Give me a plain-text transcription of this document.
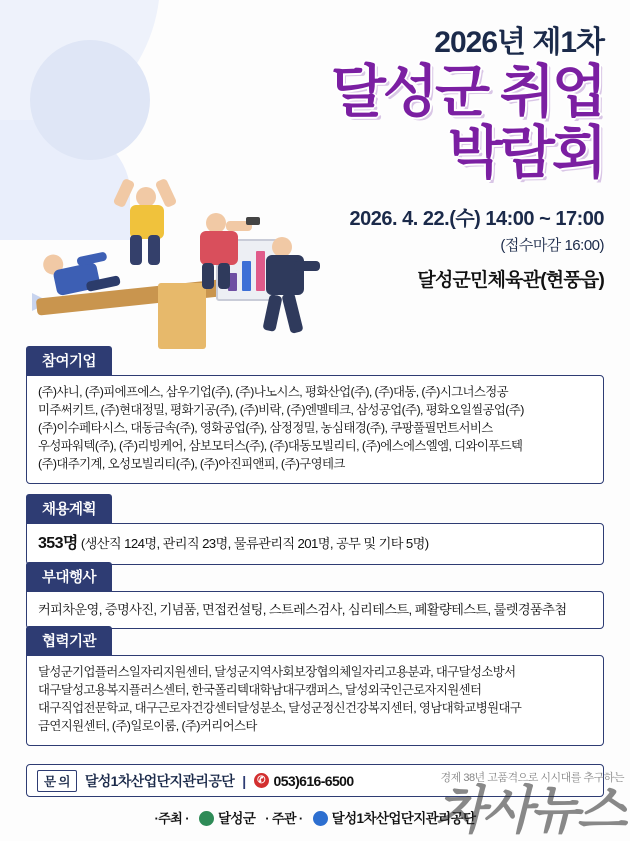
2026년 제1차
달성군 취업
박람회
2026. 4. 22.(수) 14:00 ~ 17:00
(접수마감 16:00)
달성군민체육관(현풍읍)
참여기업

(주)샤니, (주)피에프에스, 삼우기업(주), (주)나노시스, 평화산업(주), (주)대동, (주)시그너스정공

미주써키트, (주)현대정밀, 평화기공(주), (주)비락, (주)엔멜테크, 삼성공업(주), 평화오일씰공업(주)

(주)이수페타시스, 대동금속(주), 영화공업(주), 삼정정밀, 농심태경(주), 쿠팡풀필먼트서비스

우성파워텍(주), (주)리빙케어, 삼보모터스(주), (주)대동모빌리티, (주)에스에스엘엠, 디와이푸드텍

(주)대주기계, 오성모빌리티(주), (주)아진피앤피, (주)구영테크

채용계획

353명 (생산직 124명, 관리직 23명, 물류관리직 201명, 공무 및 기타 5명)

부대행사

커피차운영, 증명사진, 기념품, 면접컨설팅, 스트레스검사, 심리테스트, 폐활량테스트, 룰렛경품추첨

협력기관

달성군기업플러스일자리지원센터, 달성군지역사회보장협의체일자리고용분과, 대구달성소방서

대구달성고용복지플러스센터, 한국폴리텍대학남대구캠퍼스, 달성외국인근로자지원센터

대구직업전문학교, 대구근로자건강센터달성분소, 달성군정신건강복지센터, 영남대학교병원대구

금연지원센터, (주)일로이룸, (주)커리어스타

문 의	달성1차산업단지관리공단 |	✆ 053)616-6500
·주최 ·	달성군 · 주관 ·	달성1차산업단지관리공단
경제 38년 고품격으로 시시대를 추구하는
차사뉴스
